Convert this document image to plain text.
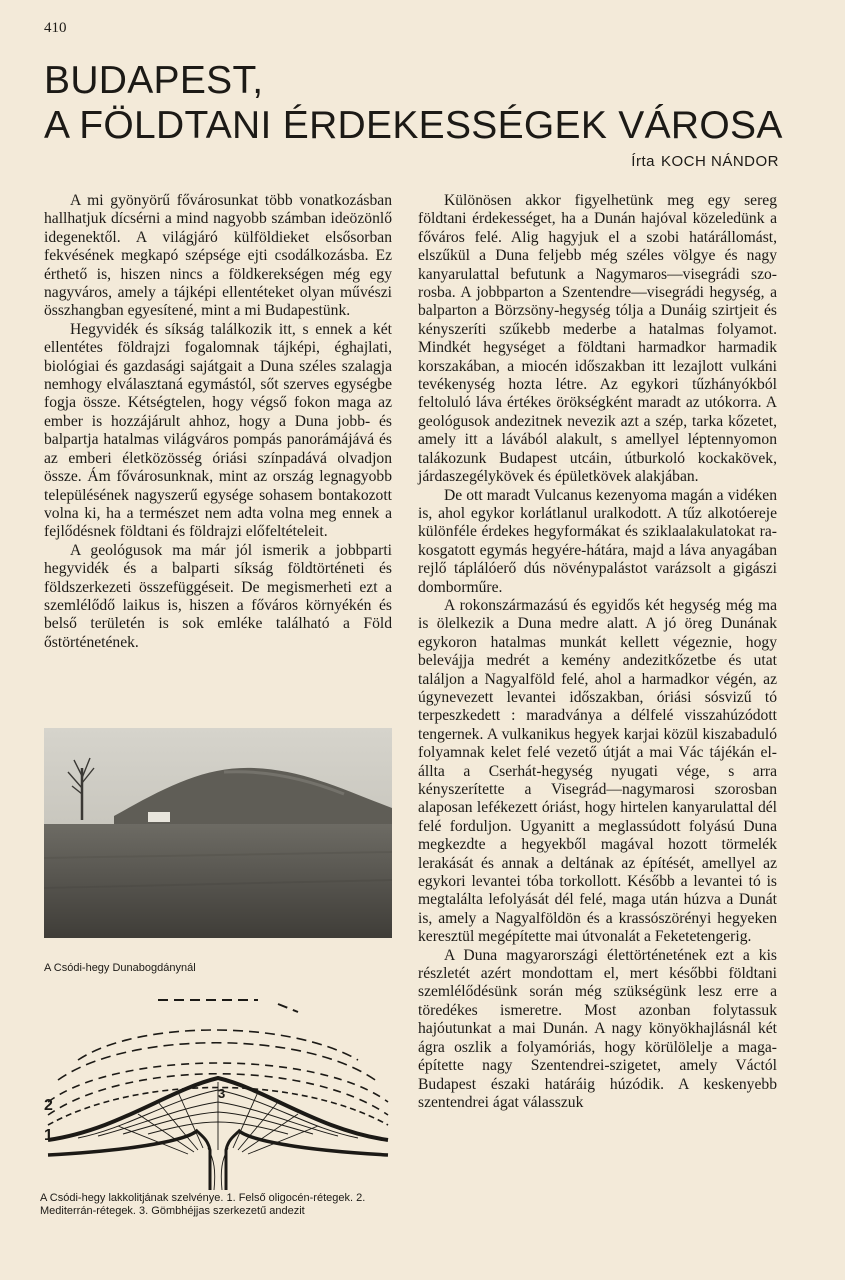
410
BUDAPEST,
A FÖLDTANI ÉRDEKESSÉGEK VÁROSA
Írta KOCH NÁNDOR

A mi gyönyörű fővárosunkat több vonatkozásban hallhatjuk dícsérni a mind nagyobb számban ideözönlő idegenektől. A világjáró külföldieket elsősorban fekvésének megkapó szépsége ejti csodálkozásba. Ez érthető is, hiszen nincs a földkerekségen még egy nagyváros, amely a tájképi ellentéteket olyan művészi összhangban egyesítené, mint a mi Budapestünk.

Hegyvidék és síkság találkozik itt, s ennek a két ellentétes földrajzi fogalomnak tájképi, éghajlati, biológiai és gazdasági sajátgait a Duna széles szalagja nemhogy elválasztaná egymástól, sőt szerves egységbe fogja össze. Kétségtelen, hogy végső fokon maga az ember is hozzájárult ahhoz, hogy a Duna jobb- és balpartja hatalmas világváros pompás panorámájává és az emberi életközösség óriási színpadává olvadjon össze. Ám fővárosunknak, mint az ország legnagyobb településének nagyszerű egysége sohasem bontakozott volna ki, ha a természet nem adta volna meg ennek a fejlődésnek földtani és földrajzi előfeltételeit.

A geológusok ma már jól ismerik a jobbparti hegyvidék és a balparti síkság földtörténeti és földszerkezeti összefüggéseit. De megismerheti ezt a szemlélődő laikus is, hiszen a főváros környékén és belső területén is sok emléke található a Föld őstörténetének.

A Csódi-hegy Dunabogdánynál
3
2
1
A Csódi-hegy lakkolitjának szelvénye. 1. Felső oligocén-rétegek. 2. Mediterrán-rétegek. 3. Gömbhéjjas szerkezetű andezit

Különösen akkor figyelhetünk meg egy sereg földtani érdekességet, ha a Dunán hajóval közeledünk a főváros felé. Alig hagyjuk el a szobi határállomást, elszűkül a Duna feljebb még széles völgye és nagy kanyarulattal befutunk a Nagymaros—visegrádi szorosba. A jobbparton a Szentendre—visegrádi hegység, a balparton a Börzsöny-hegység tólja a Dunáig szirtjeit és kényszeríti szűkebb mederbe a hatalmas folyamot. Mindkét hegységet a földtani harmadkor harmadik korszakában, a miocén időszakban itt lezajlott vulkáni tevékenység hozta létre. Az egykori tűzhányókból feltoluló láva értékes örökségként maradt az utókorra. A geológusok andezitnek nevezik azt a szép, tarka kőzetet, amely itt a lávából alakult, s amellyel léptennyomon talákozunk Budapest utcáin, útburkoló kockakövek, járdaszegélykövek és épületkövek alakjában.

De ott maradt Vulcanus kezenyoma magán a vidéken is, ahol egykor korlátlanul uralkodott. A tűz alkotóereje különféle érdekes hegyformákat és sziklaalakulatokat rakosgatott egymás hegyére-hátára, majd a láva anyagában rejlő táplálóerő dús növénypalástot varázsolt a gigászi domborműre.

A rokonszármazású és egyidős két hegység még ma is ölelkezik a Duna medre alatt. A jó öreg Dunának egykoron hatalmas munkát kellett végeznie, hogy belevájja medrét a kemény andezitkőzetbe és utat találjon a Nagyalföld felé, ahol a harmadkor végén, az úgynevezett levantei időszakban, óriási sósvizű tó terpeszkedett : maradványa a délfelé visszahúzódott tengernek. A vulkanikus hegyek karjai közül kiszabaduló folyamnak kelet felé vezető útját a mai Vác tájékán elállta a Cserhát-hegység nyugati vége, s arra kényszerítette a Visegrád—nagymarosi szorosban alaposan lefékezett óriást, hogy hirtelen kanyarulattal dél felé forduljon. Ugyanitt a meglassúdott folyású Duna megkezdte a hegyekből magával hozott törmelék lerakását és annak a deltának az építését, amellyel az egykori levantei tóba torkollott. Később a levantei tó is megtalálta lefolyását dél felé, maga után húzva a Dunát is, amely a Nagyalföldön és a krassószörényi hegyeken keresztül megépítette mai útvonalát a Feketetengerig.

A Duna magyarországi élettörténetének ezt a kis részletét azért mondottam el, mert későbbi földtani szemlélődésünk során még szükségünk lesz erre a töredékes ismeretre. Most azonban folytassuk hajóutunkat a mai Dunán. A nagy könyökhajlásnál két ágra oszlik a folyamóriás, hogy körülölelje a magaépítette nagy Szentendrei-szigetet, amely Váctól Budapest északi határáig húzódik. A keskenyebb szentendrei ágat válasszuk
